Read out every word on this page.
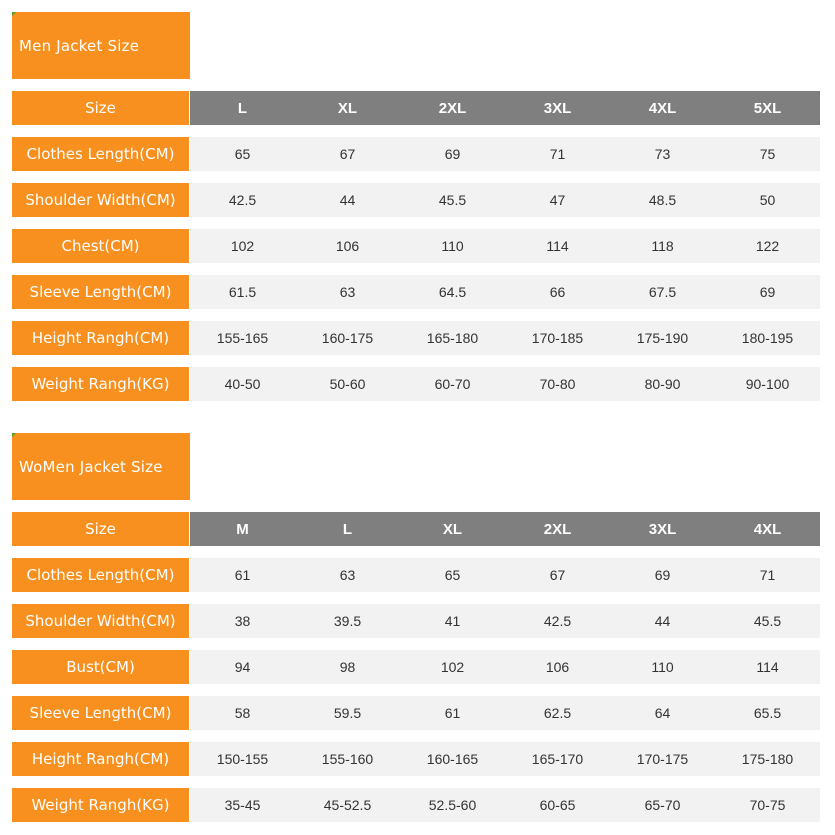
Men Jacket Size
Size	L	XL	2XL	3XL	4XL	5XL
Clothes Length(CM)	65	67	69	71	73	75
Shoulder Width(CM)	42.5	44	45.5	47	48.5	50
Chest(CM)	102	106	110	114	118	122
Sleeve Length(CM)	61.5	63	64.5	66	67.5	69
Height Rangh(CM)	155-165	160-175	165-180	170-185	175-190	180-195
Weight Rangh(KG)	40-50	50-60	60-70	70-80	80-90	90-100
WoMen Jacket Size
Size	M	L	XL	2XL	3XL	4XL
Clothes Length(CM)	61	63	65	67	69	71
Shoulder Width(CM)	38	39.5	41	42.5	44	45.5
Bust(CM)	94	98	102	106	110	114
Sleeve Length(CM)	58	59.5	61	62.5	64	65.5
Height Rangh(CM)	150-155	155-160	160-165	165-170	170-175	175-180
Weight Rangh(KG)	35-45	45-52.5	52.5-60	60-65	65-70	70-75
